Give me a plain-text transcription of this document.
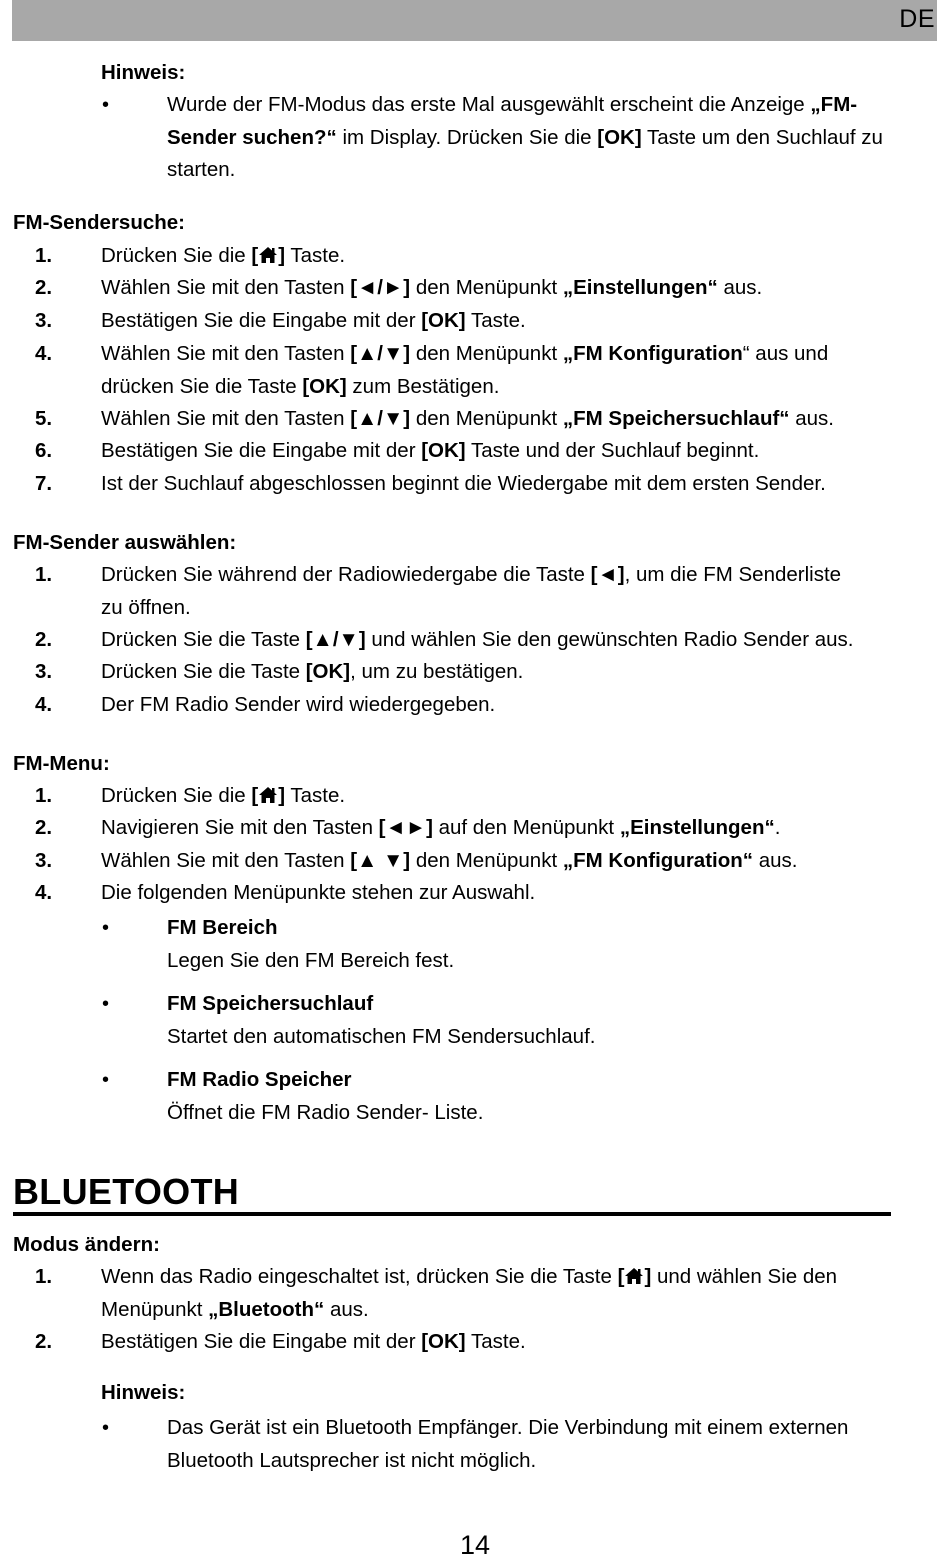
DE
Hinweis:
•	Wurde der FM-Modus das erste Mal ausgewählt erscheint die Anzeige „FM-
Sender suchen?“ im Display. Drücken Sie die [OK] Taste um den Suchlauf zu
starten.
FM-Sendersuche:
1.	Drücken Sie die [ ] Taste.
2.	Wählen Sie mit den Tasten [◄/►] den Menüpunkt „Einstellungen“ aus.
3.	Bestätigen Sie die Eingabe mit der [OK] Taste.
4.	Wählen Sie mit den Tasten [▲/▼] den Menüpunkt „FM Konfiguration“ aus und
drücken Sie die Taste [OK] zum Bestätigen.
5.	Wählen Sie mit den Tasten [▲/▼] den Menüpunkt „FM Speichersuchlauf“ aus.
6.	Bestätigen Sie die Eingabe mit der [OK] Taste und der Suchlauf beginnt.
7.	Ist der Suchlauf abgeschlossen beginnt die Wiedergabe mit dem ersten Sender.
FM-Sender auswählen:
1.	Drücken Sie während der Radiowiedergabe die Taste [◄], um die FM Senderliste
zu öffnen.
2.	Drücken Sie die Taste [▲/▼] und wählen Sie den gewünschten Radio Sender aus.
3.	Drücken Sie die Taste [OK], um zu bestätigen.
4.	Der FM Radio Sender wird wiedergegeben.
FM-Menu:
1.	Drücken Sie die [ ] Taste.
2.	Navigieren Sie mit den Tasten [◄►] auf den Menüpunkt „Einstellungen“.
3.	Wählen Sie mit den Tasten [▲ ▼] den Menüpunkt „FM Konfiguration“ aus.
4.	Die folgenden Menüpunkte stehen zur Auswahl.
•	FM Bereich
Legen Sie den FM Bereich fest.
•	FM Speichersuchlauf
Startet den automatischen FM Sendersuchlauf.
•	FM Radio Speicher
Öffnet die FM Radio Sender- Liste.
BLUETOOTH
Modus ändern:
1.	Wenn das Radio eingeschaltet ist, drücken Sie die Taste [ ] und wählen Sie den
Menüpunkt „Bluetooth“ aus.
2.	Bestätigen Sie die Eingabe mit der [OK] Taste.
Hinweis:
•	Das Gerät ist ein Bluetooth Empfänger. Die Verbindung mit einem externen
Bluetooth Lautsprecher ist nicht möglich.
14
